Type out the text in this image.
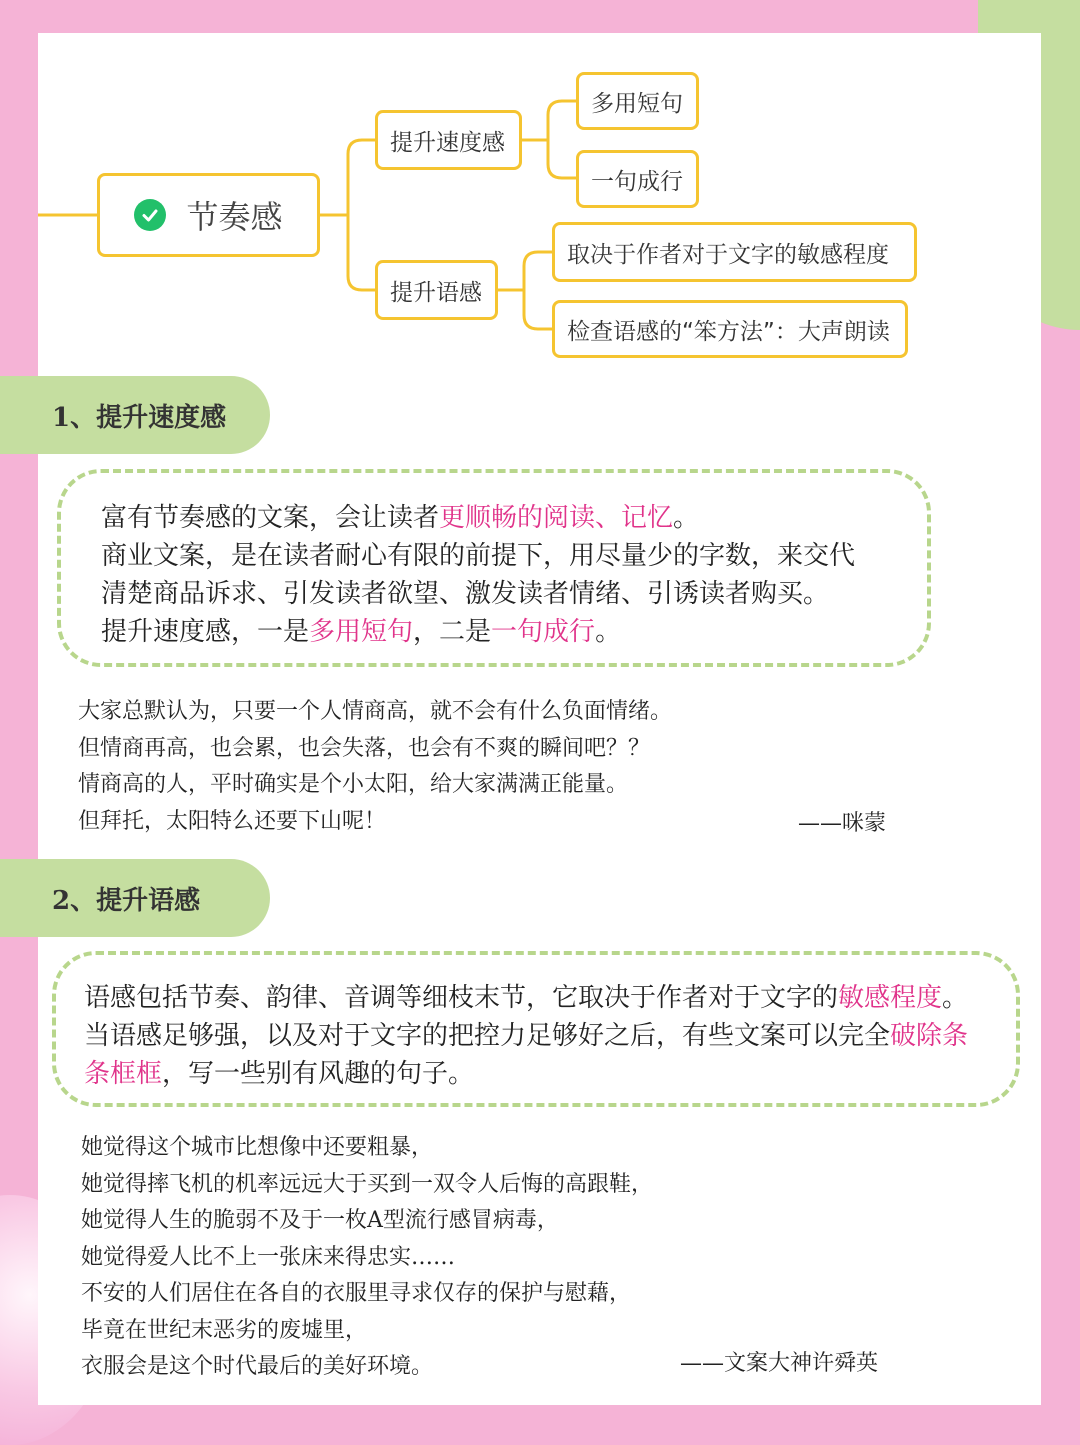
节奏感
提升速度感
多用短句
一句成行
提升语感
取决于作者对于文字的敏感程度
检查语感的“笨方法”：大声朗读
1、提升速度感

富有节奏感的文案，会让读者更顺畅的阅读、记忆。

商业文案，是在读者耐心有限的前提下，用尽量少的字数，来交代

清楚商品诉求、引发读者欲望、激发读者情绪、引诱读者购买。

提升速度感，一是多用短句，二是一句成行。

大家总默认为，只要一个人情商高，就不会有什么负面情绪。

但情商再高，也会累，也会失落，也会有不爽的瞬间吧？？

情商高的人，平时确实是个小太阳，给大家满满正能量。

但拜托，太阳特么还要下山呢！	——咪蒙
2、提升语感

语感包括节奏、韵律、音调等细枝末节，它取决于作者对于文字的敏感程度。

当语感足够强，以及对于文字的把控力足够好之后，有些文案可以完全破除条

条框框，写一些别有风趣的句子。

她觉得这个城市比想像中还要粗暴，

她觉得摔飞机的机率远远大于买到一双令人后悔的高跟鞋，

她觉得人生的脆弱不及于一枚A型流行感冒病毒，

她觉得爱人比不上一张床来得忠实……

不安的人们居住在各自的衣服里寻求仅存的保护与慰藉，

毕竟在世纪末恶劣的废墟里，

衣服会是这个时代最后的美好环境。	——文案大神许舜英
